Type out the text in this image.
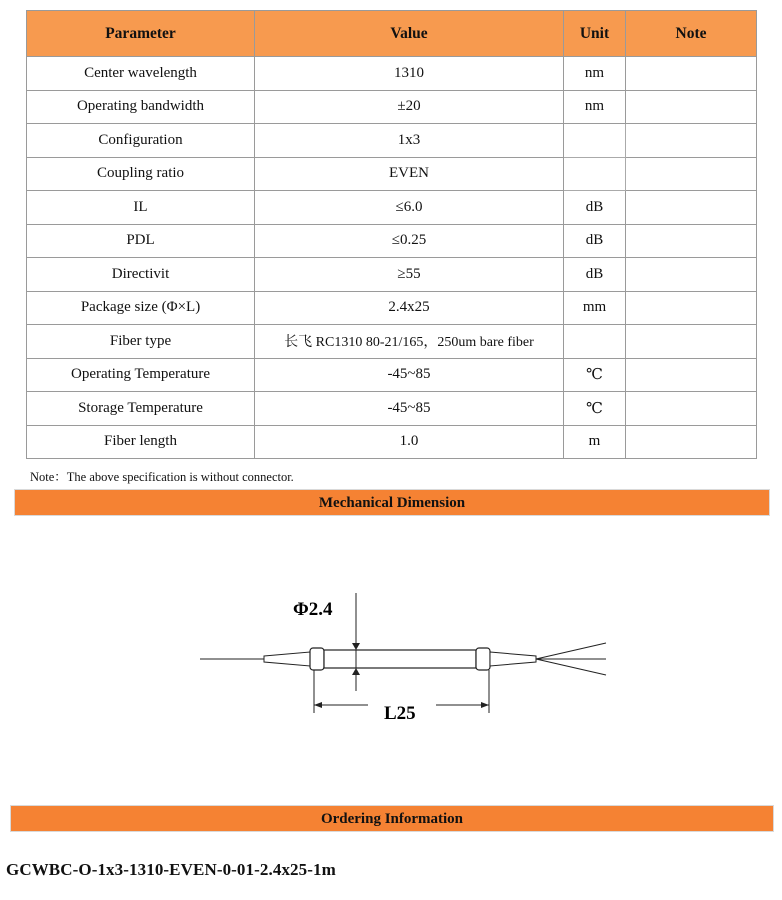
Parameter	Value	Unit	Note
Center wavelength	1310	nm	
Operating bandwidth	±20	nm	
Configuration	1x3		
Coupling ratio	EVEN		
IL	≤6.0	dB	
PDL	≤0.25	dB	
Directivit	≥55	dB	
Package size (Φ×L)	2.4x25	mm	
Fiber type	长飞 RC1310 80-21/165，250um bare fiber		
Operating Temperature	-45~85	℃	
Storage Temperature	-45~85	℃	
Fiber length	1.0	m	
Note：The above specification is without connector.
Mechanical Dimension
Φ2.4
L25
Ordering Information
GCWBC-O-1x3-1310-EVEN-0-01-2.4x25-1m
